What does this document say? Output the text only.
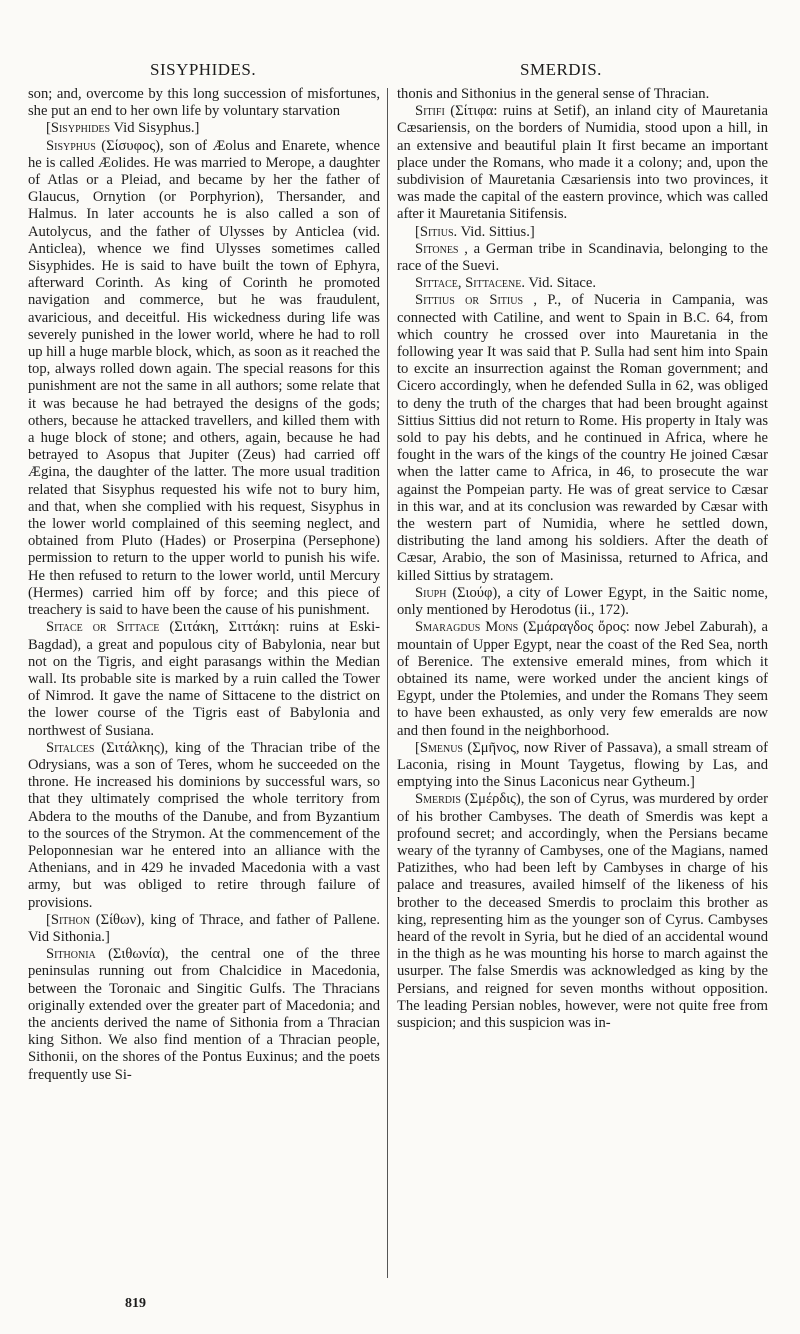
SISYPHIDES.	SMERDIS.

son; and, overcome by this long succession of misfortunes, she put an end to her own life by voluntary starvation

[Sisyphides Vid Sisyphus.]

Sisyphus (Σίσυφος), son of Æolus and Enarete, whence he is called Æolides. He was married to Merope, a daughter of Atlas or a Pleiad, and became by her the father of Glaucus, Ornytion (or Porphyrion), Thersander, and Halmus. In later accounts he is also called a son of Autolycus, and the father of Ulysses by Anticlea (vid. Anticlea), whence we find Ulysses sometimes called Sisyphides. He is said to have built the town of Ephyra, afterward Corinth. As king of Corinth he promoted navigation and commerce, but he was fraudulent, avaricious, and deceitful. His wickedness during life was severely punished in the lower world, where he had to roll up hill a huge marble block, which, as soon as it reached the top, always rolled down again. The special reasons for this punishment are not the same in all authors; some relate that it was because he had betrayed the designs of the gods; others, because he attacked travellers, and killed them with a huge block of stone; and others, again, because he had betrayed to Asopus that Jupiter (Zeus) had carried off Ægina, the daughter of the latter. The more usual tradition related that Sisyphus requested his wife not to bury him, and that, when she complied with his request, Sisyphus in the lower world complained of this seeming neglect, and obtained from Pluto (Hades) or Proserpina (Persephone) permission to return to the upper world to punish his wife. He then refused to return to the lower world, until Mercury (Hermes) carried him off by force; and this piece of treachery is said to have been the cause of his punishment.

Sitace or Sittace (Σιτάκη, Σιττάκη: ruins at Eski-Bagdad), a great and populous city of Babylonia, near but not on the Tigris, and eight parasangs within the Median wall. Its probable site is marked by a ruin called the Tower of Nimrod. It gave the name of Sittacene to the district on the lower course of the Tigris east of Babylonia and northwest of Susiana.

Sitalces (Σιτάλκης), king of the Thracian tribe of the Odrysians, was a son of Teres, whom he succeeded on the throne. He increased his dominions by successful wars, so that they ultimately comprised the whole territory from Abdera to the mouths of the Danube, and from Byzantium to the sources of the Strymon. At the commencement of the Peloponnesian war he entered into an alliance with the Athenians, and in 429 he invaded Macedonia with a vast army, but was obliged to retire through failure of provisions.

[Sithon (Σίθων), king of Thrace, and father of Pallene. Vid Sithonia.]

Sithonia (Σιθωνία), the central one of the three peninsulas running out from Chalcidice in Macedonia, between the Toronaic and Singitic Gulfs. The Thracians originally extended over the greater part of Macedonia; and the ancients derived the name of Sithonia from a Thracian king Sithon. We also find mention of a Thracian people, Sithonii, on the shores of the Pontus Euxinus; and the poets frequently use Si-

thonis and Sithonius in the general sense of Thracian.

Sitifi (Σίτιφα: ruins at Setif), an inland city of Mauretania Cæsariensis, on the borders of Numidia, stood upon a hill, in an extensive and beautiful plain It first became an important place under the Romans, who made it a colony; and, upon the subdivision of Mauretania Cæsariensis into two provinces, it was made the capital of the eastern province, which was called after it Mauretania Sitifensis.

[Sitius. Vid. Sittius.]

Sitones , a German tribe in Scandinavia, belonging to the race of the Suevi.

Sittace, Sittacene. Vid. Sitace.

Sittius or Sitius , P., of Nuceria in Campania, was connected with Catiline, and went to Spain in B.C. 64, from which country he crossed over into Mauretania in the following year It was said that P. Sulla had sent him into Spain to excite an insurrection against the Roman government; and Cicero accordingly, when he defended Sulla in 62, was obliged to deny the truth of the charges that had been brought against Sittius Sittius did not return to Rome. His property in Italy was sold to pay his debts, and he continued in Africa, where he fought in the wars of the kings of the country He joined Cæsar when the latter came to Africa, in 46, to prosecute the war against the Pompeian party. He was of great service to Cæsar in this war, and at its conclusion was rewarded by Cæsar with the western part of Numidia, where he settled down, distributing the land among his soldiers. After the death of Cæsar, Arabio, the son of Masinissa, returned to Africa, and killed Sittius by stratagem.

Siuph (Σιούφ), a city of Lower Egypt, in the Saitic nome, only mentioned by Herodotus (ii., 172).

Smaragdus Mons (Σμάραγδος ὄρος: now Jebel Zaburah), a mountain of Upper Egypt, near the coast of the Red Sea, north of Berenice. The extensive emerald mines, from which it obtained its name, were worked under the ancient kings of Egypt, under the Ptolemies, and under the Romans They seem to have been exhausted, as only very few emeralds are now and then found in the neighborhood.

[Smenus (Σμῆνος, now River of Passava), a small stream of Laconia, rising in Mount Taygetus, flowing by Las, and emptying into the Sinus Laconicus near Gytheum.]

Smerdis (Σμέρδις), the son of Cyrus, was murdered by order of his brother Cambyses. The death of Smerdis was kept a profound secret; and accordingly, when the Persians became weary of the tyranny of Cambyses, one of the Magians, named Patizithes, who had been left by Cambyses in charge of his palace and treasures, availed himself of the likeness of his brother to the deceased Smerdis to proclaim this brother as king, representing him as the younger son of Cyrus. Cambyses heard of the revolt in Syria, but he died of an accidental wound in the thigh as he was mounting his horse to march against the usurper. The false Smerdis was acknowledged as king by the Persians, and reigned for seven months without opposition. The leading Persian nobles, however, were not quite free from suspicion; and this suspicion was in-

819
